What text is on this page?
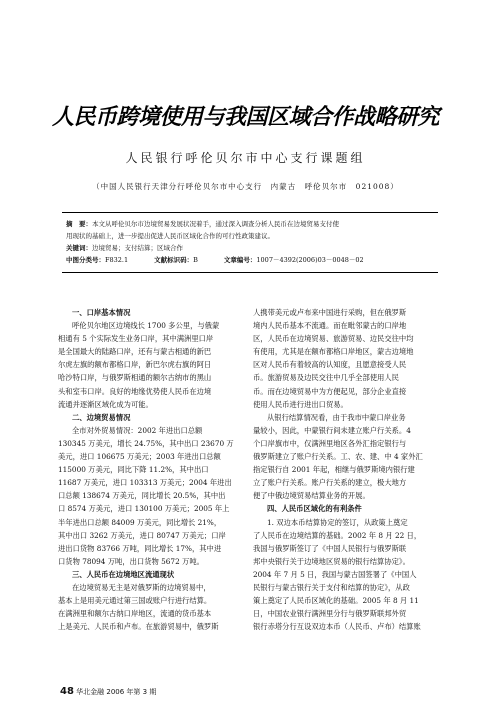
人民币跨境使用与我国区域合作战略研究
人民银行呼伦贝尔市中心支行课题组
（中国人民银行天津分行呼伦贝尔市中心支行　内蒙古　呼伦贝尔市　021008）
摘　要：本文从呼伦贝尔市边境贸易发展状况着手，通过深入调查分析人民币在边境贸易支付使
用现状的基础上，进一步提出促进人民币区域化合作的可行性政策建议。
关键词：边境贸易；支付结算；区域合作
中图分类号：F832.1	文献标识码：B	文章编号：1007－4392(2006)03－0048－02
一、口岸基本情况

呼伦贝尔地区边境线长 1700 多公里，与俄蒙

相通有 5 个实际发生业务口岸，其中满洲里口岸

是全国最大的陆路口岸，还有与蒙古相通的新巴

尔虎左旗的额布都格口岸，新巴尔虎右旗的阿日

哈沙特口岸，与俄罗斯相通的额尔古纳市的黑山

头和室韦口岸。良好的地缘优势使人民币在边境

流通并逐渐区域化成为可能。

二、边境贸易情况

全市对外贸易情况：2002 年进出口总额

130345 万美元，增长 24.75%，其中出口 23670 万

美元，进口 106675 万美元；2003 年进出口总额

115000 万美元，同比下降 11.2%，其中出口

11687 万美元，进口 103313 万美元；2004 年进出

口总额 138674 万美元，同比增长 20.5%，其中出

口 8574 万美元，进口 130100 万美元；2005 年上

半年进出口总额 84009 万美元，同比增长 21%，

其中出口 3262 万美元，进口 80747 万美元；口岸

进出口货物 83766 万吨，同比增长 17%，其中进

口货物 78094 万吨，出口货物 5672 万吨。

三、人民币在边境地区流通现状

在边境贸易无主是对俄罗斯的边境贸易中，

基本上是用美元通过第三国或账户行进行结算。

在满洲里和额尔古纳口岸地区，流通的货币基本

上是美元、人民币和卢布。在旅游贸易中，俄罗斯

人携带美元或卢布来中国进行采购，但在俄罗斯

境内人民币基本不流通。而在毗邻蒙古的口岸地

区，人民币在边境贸易、旅游贸易、边民交往中均

有使用，尤其是在额布都格口岸地区，蒙古边境地

区对人民币有着较高的认知度，且愿意接受人民

币。旅游贸易及边民交往中几乎全部使用人民

币。而在边境贸易中为方便起见，部分企业直接

使用人民币进行进出口贸易。

从银行结算情况看，由于我市中蒙口岸业务

量较小，因此，中蒙银行间未建立账户行关系。4

个口岸旗市中，仅满洲里地区各外汇指定银行与

俄罗斯建立了账户行关系。工、农、建、中 4 家外汇

指定银行自 2001 年起，相继与俄罗斯境内银行建

立了账户行关系。账户行关系的建立，极大地方

便了中俄边境贸易结算业务的开展。

四、人民币区域化的有利条件

1. 双边本币结算协定的签订，从政策上奠定

了人民币在边境结算的基础。2002 年 8 月 22 日，

我国与俄罗斯签订了《中国人民银行与俄罗斯联

邦中央银行关于边境地区贸易的银行结算协定》。

2004 年 7 月 5 日，我国与蒙古国签署了《中国人

民银行与蒙古银行关于支付和结算的协定》，从政

策上奠定了人民币区域化的基础。2005 年 8 月 11

日，中国农业银行满洲里分行与俄罗斯联邦外贸

银行赤塔分行互设双边本币（人民币、卢布）结算账

48 华北金融 2006 年第 3 期
